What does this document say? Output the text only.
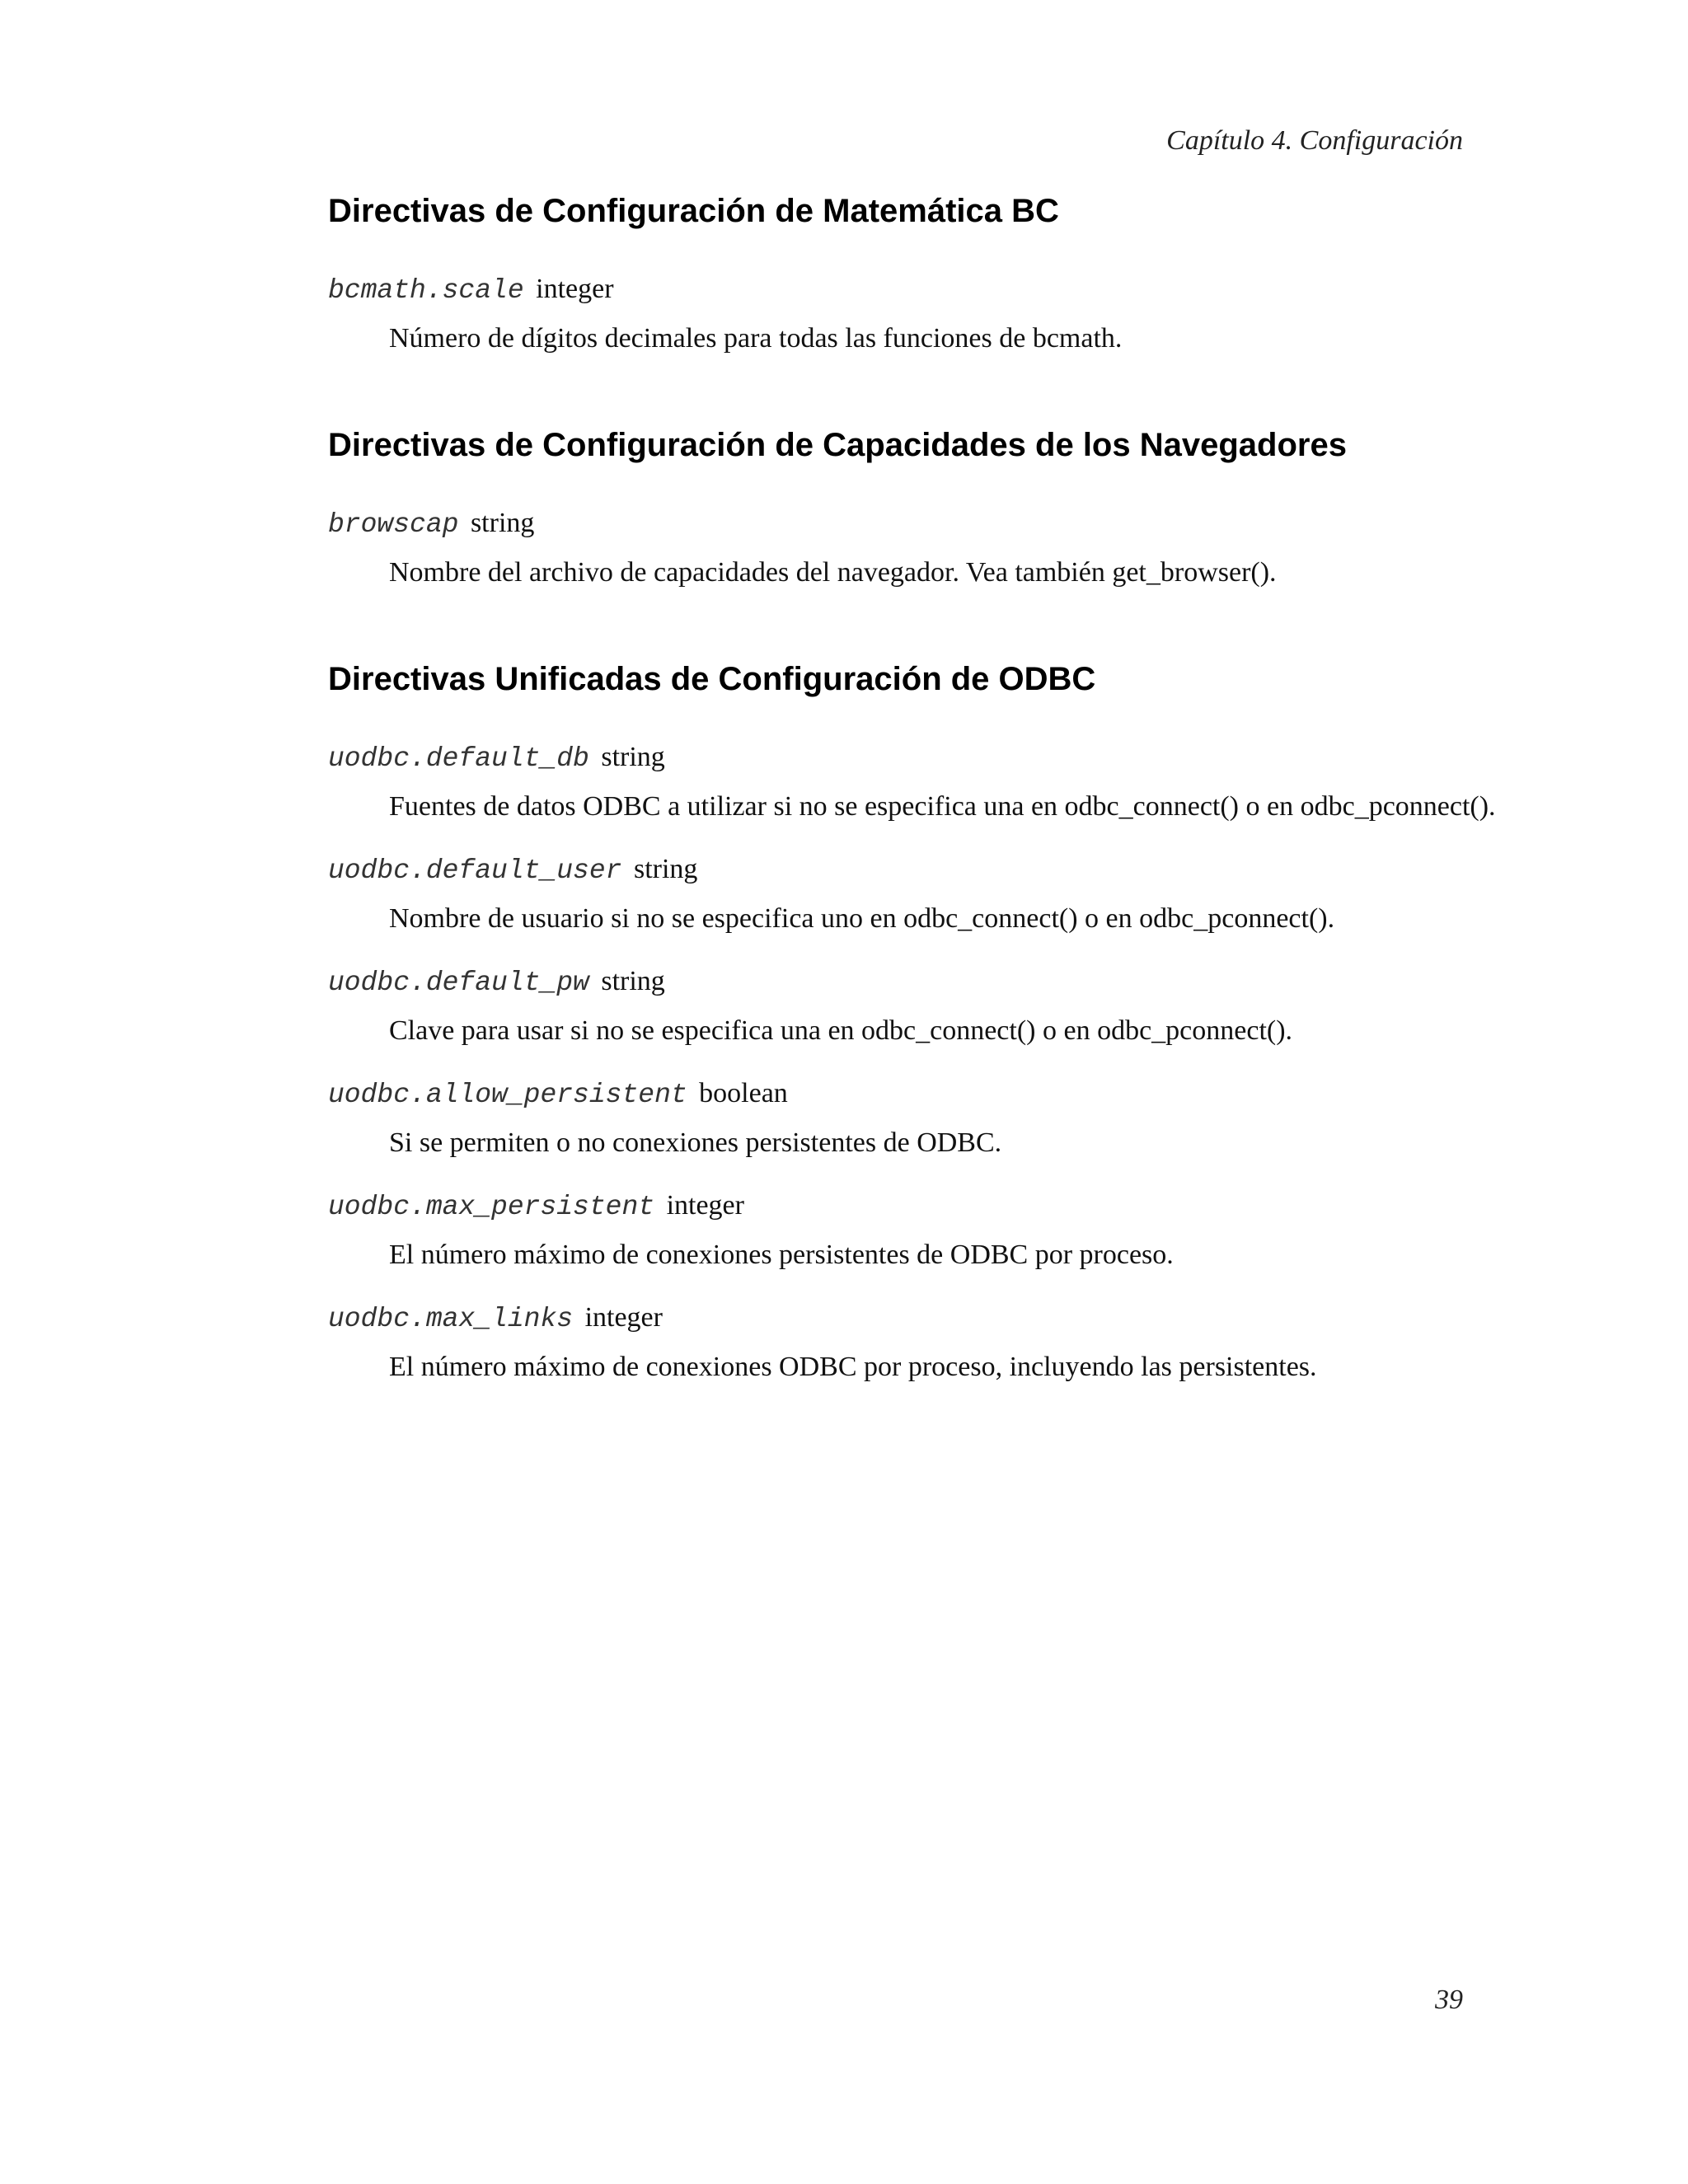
Capítulo 4. Configuración
Directivas de Configuración de Matemática BC
bcmath.scale integer
Número de dígitos decimales para todas las funciones de bcmath.
Directivas de Configuración de Capacidades de los Navegadores
browscap string
Nombre del archivo de capacidades del navegador. Vea también get_browser().
Directivas Unificadas de Configuración de ODBC
uodbc.default_db string
Fuentes de datos ODBC a utilizar si no se especifica una en odbc_connect() o en odbc_pconnect().
uodbc.default_user string
Nombre de usuario si no se especifica uno en odbc_connect() o en odbc_pconnect().
uodbc.default_pw string
Clave para usar si no se especifica una en odbc_connect() o en odbc_pconnect().
uodbc.allow_persistent boolean
Si se permiten o no conexiones persistentes de ODBC.
uodbc.max_persistent integer
El número máximo de conexiones persistentes de ODBC por proceso.
uodbc.max_links integer
El número máximo de conexiones ODBC por proceso, incluyendo las persistentes.
39
